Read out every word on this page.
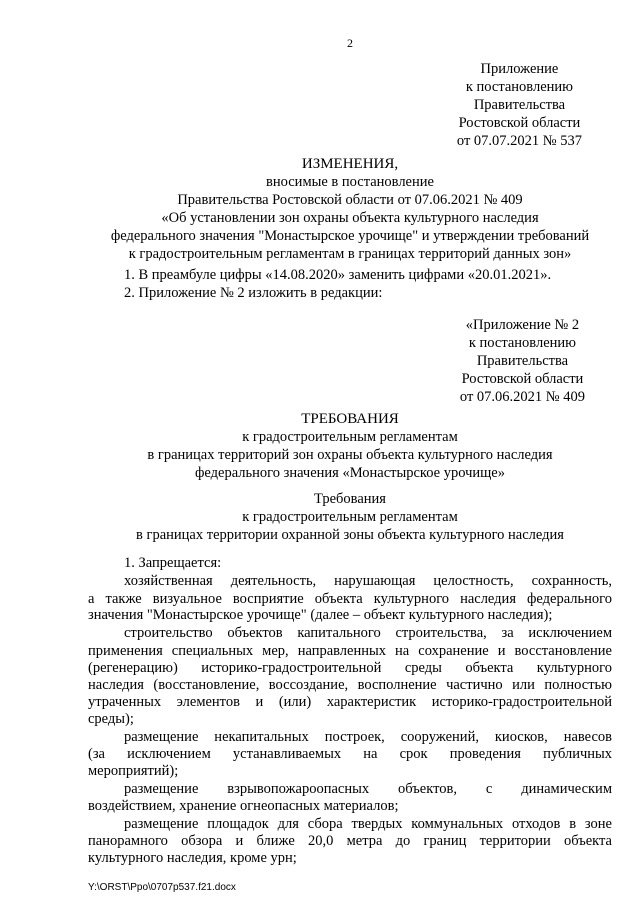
2
Приложение
к постановлению
Правительства
Ростовской области
от 07.07.2021 № 537
ИЗМЕНЕНИЯ,
вносимые в постановление
Правительства Ростовской области от 07.06.2021 № 409
«Об установлении зон охраны объекта культурного наследия
федерального значения "Монастырское урочище" и утверждении требований
к градостроительным регламентам в границах территорий данных зон»
1. В преамбуле цифры «14.08.2020» заменить цифрами «20.01.2021».
2. Приложение № 2 изложить в редакции:
«Приложение № 2
к постановлению
Правительства
Ростовской области
от 07.06.2021 № 409
ТРЕБОВАНИЯ
к градостроительным регламентам
в границах территорий зон охраны объекта культурного наследия
федерального значения «Монастырское урочище»
Требования
к градостроительным регламентам
в границах территории охранной зоны объекта культурного наследия
1. Запрещается:
хозяйственная деятельность, нарушающая целостность, сохранность,
а также визуальное восприятие объекта культурного наследия федерального
значения "Монастырское урочище" (далее – объект культурного наследия);
строительство объектов капитального строительства, за исключением
применения специальных мер, направленных на сохранение и восстановление
(регенерацию) историко-градостроительной среды объекта культурного
наследия (восстановление, воссоздание, восполнение частично или полностью
утраченных элементов и (или) характеристик историко-градостроительной
среды);
размещение некапитальных построек, сооружений, киосков, навесов
(за исключением устанавливаемых на срок проведения публичных
мероприятий);
размещение взрывопожароопасных объектов, с динамическим
воздействием, хранение огнеопасных материалов;
размещение площадок для сбора твердых коммунальных отходов в зоне
панорамного обзора и ближе 20,0 метра до границ территории объекта
культурного наследия, кроме урн;
Y:\ORST\Ppo\0707p537.f21.docx
